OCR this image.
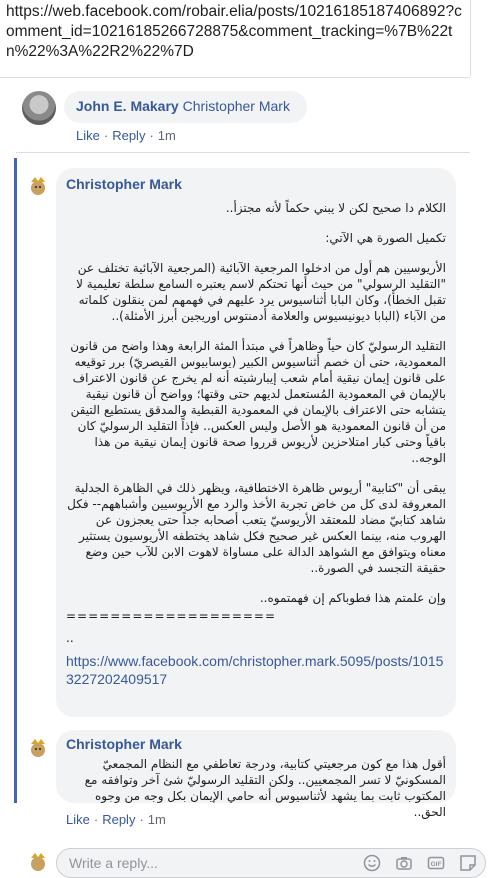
https://web.facebook.com/robair.elia/posts/10216185187406892?comment_id=10216185266728875&comment_tracking=%7B%22tn%22%3A%22R2%22%7D
John E. Makary Christopher Mark
Like · Reply · 1m
Christopher Mark

الكلام دا صحيح لكن لا يبني حكماً لأنه مجتزأ..

تكميل الصورة هي الآتي:

الأريوسيين هم أول من ادخلوا المرجعية الآبائية (المرجعية الآبائية تختلف عن "التقليد الرسولي" من حيث أنها تحتكم لاسم يعتبره السامع سلطة تعليمية لا تقبل الخطأ)، وكان البابا أثناسيوس يرد عليهم في فهمهم لمن ينقلون كلماته من الآباء (البابا ديونيسيوس والعلامة أدمنتوس اوريجين أبرز الأمثلة)..

التقليد الرسوليّ كان حياً وظاهراً في مبتدأ المئة الرابعة وهذا واضح من قانون المعمودية، حتى أن خصم أثناسيوس الكبير (يوسابيوس القيصريّ) برر توقيعه على قانون إيمان نيقية أمام شعب إيبارشيته أنه لم يخرج عن قانون الاعتراف بالإيمان في المعمودية المُستعمل لديهم حتى وقتها؛ وواضح أن قانون نيقية يتشابه حتى الاعتراف بالإيمان في المعمودية القبطية والمدقق يستطيع التيقن من أن قانون المعمودية هو الأصل وليس العكس.. فإذاً التقليد الرسوليّ كان باقياً وحتى كبار امتلاحزين لأريوس قرروا صحة قانون إيمان نيقية من هذا الوجه..

يبقى أن "كتابية" أريوس ظاهرة الاختطافية، ويظهر ذلك في الظاهرة الجدلية المعروفة لدى كل من خاض تجربة الأخذ والرد مع الأريوسيين وأشباههم-- فكل شاهد كتابيّ مضاد للمعتقد الأريوسيّ يتعب أصحابه جداً حتى يعجزون عن الهروب منه، بينما العكس غير صحيح فكل شاهد يختطفه الأريوسيون يستثير معناه ويتوافق مع الشواهد الدالة على مساواة لاهوت الابن للآب حين وضع حقيقة التجسد في الصورة..

وإن علمتم هذا فطوباكم إن فهمتموه..

===================

..

https://www.facebook.com/christopher.mark.5095/posts/10153227202409517
Christopher Mark
أقول هذا مع كون مرجعيتي كتابية، ودرجة تعاطفي مع النظام المجمعيّ المسكونيّ لا تسر المجمعيين.. ولكن التقليد الرسوليّ شئ آخر وتوافقه مع المكتوب ثابت بما يشهد لأثناسيوس أنه حامي الإيمان بكل وجه من وجوه الحق..
Like · Reply · 1m
Write a reply...	GIF
